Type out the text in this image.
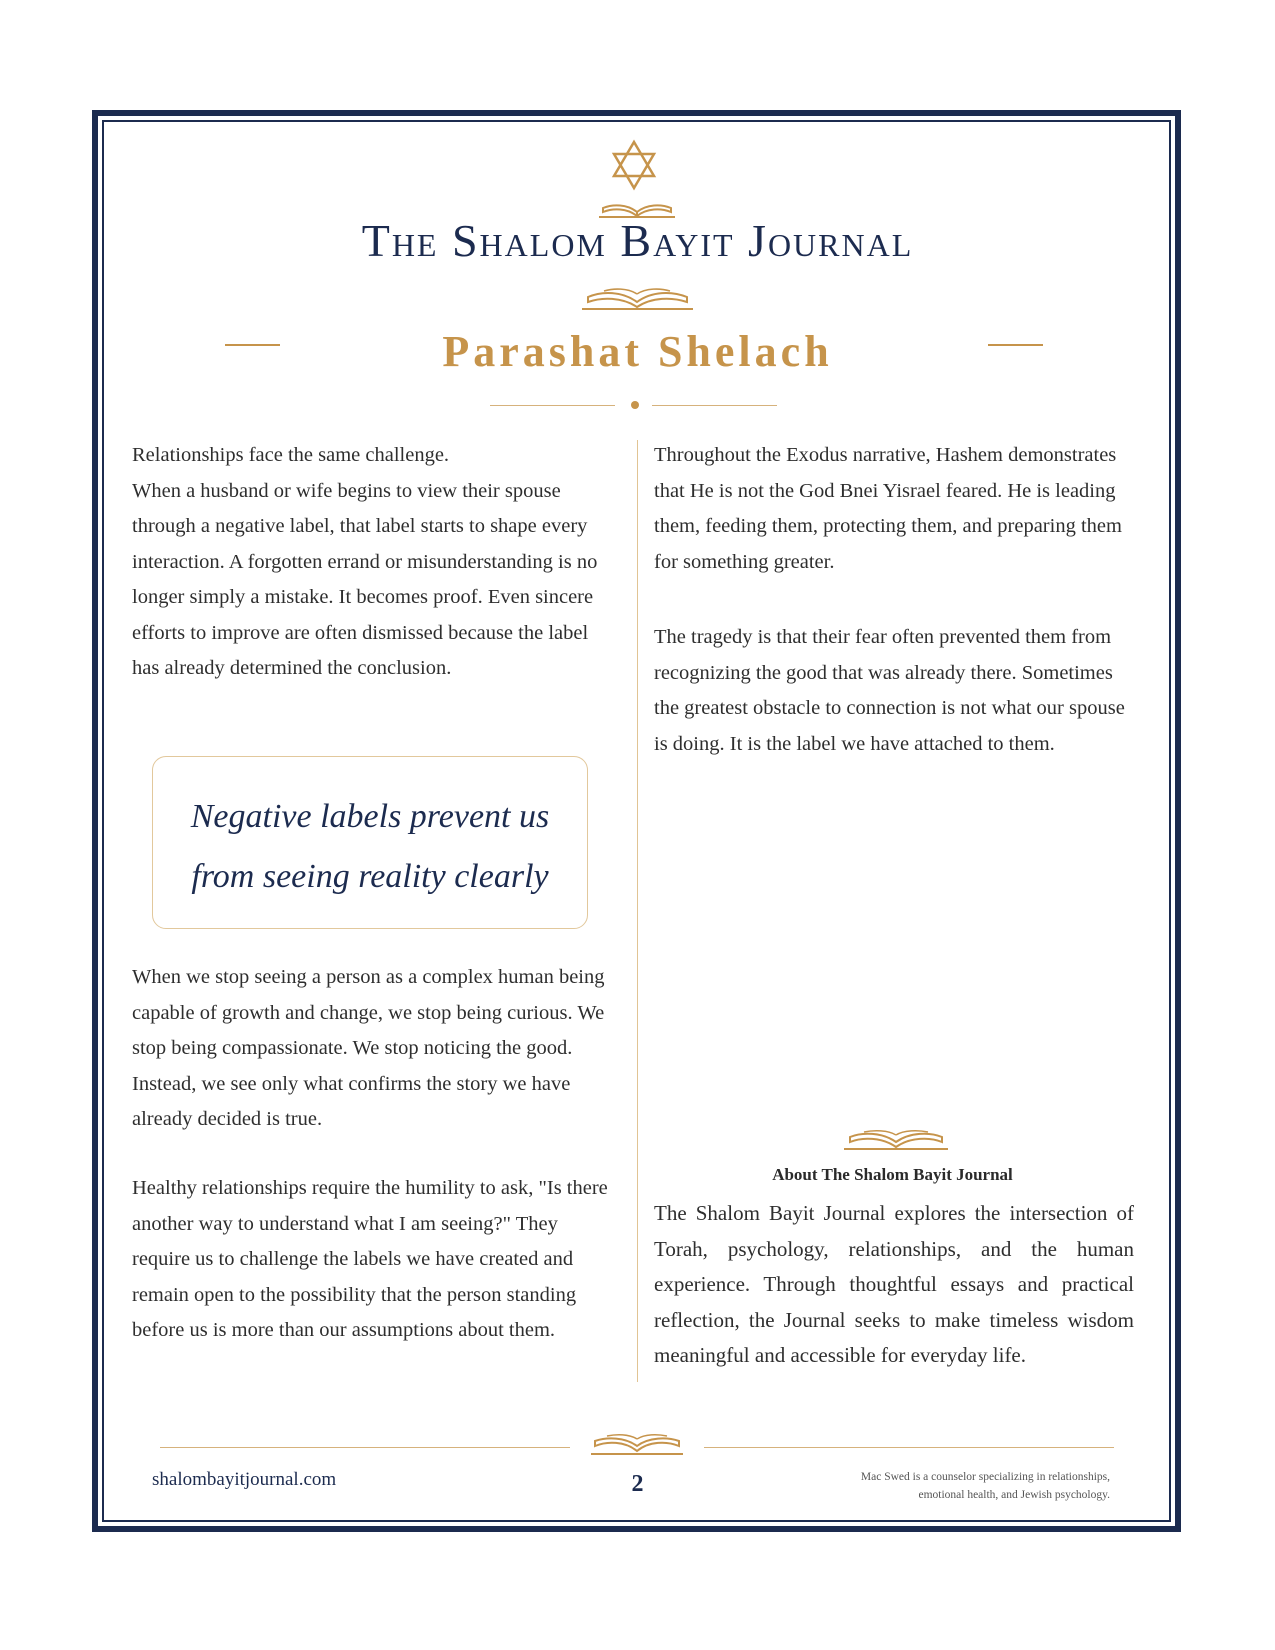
The Shalom Bayit Journal
Parashat Shelach

Relationships face the same challenge.

When a husband or wife begins to view their spouse through a negative label, that label starts to shape every interaction. A forgotten errand or misunderstanding is no longer simply a mistake. It becomes proof. Even sincere efforts to improve are often dismissed because the label has already determined the conclusion.

Negative labels prevent us
from seeing reality clearly
When we stop seeing a person as a complex human being capable of growth and change, we stop being curious. We stop being compassionate. We stop noticing the good. Instead, we see only what confirms the story we have already decided is true.
Healthy relationships require the humility to ask, "Is there another way to understand what I am seeing?" They require us to challenge the labels we have created and remain open to the possibility that the person standing before us is more than our assumptions about them.
Throughout the Exodus narrative, Hashem demonstrates that He is not the God Bnei Yisrael feared. He is leading them, feeding them, protecting them, and preparing them for something greater.
The tragedy is that their fear often prevented them from recognizing the good that was already there. Sometimes the greatest obstacle to connection is not what our spouse is doing. It is the label we have attached to them.
About The Shalom Bayit Journal
The Shalom Bayit Journal explores the intersection of Torah, psychology, relationships, and the human experience. Through thoughtful essays and practical reflection, the Journal seeks to make timeless wisdom meaningful and accessible for everyday life.
shalombayitjournal.com	2	Mac Swed is a counselor specializing in relationships,
emotional health, and Jewish psychology.
